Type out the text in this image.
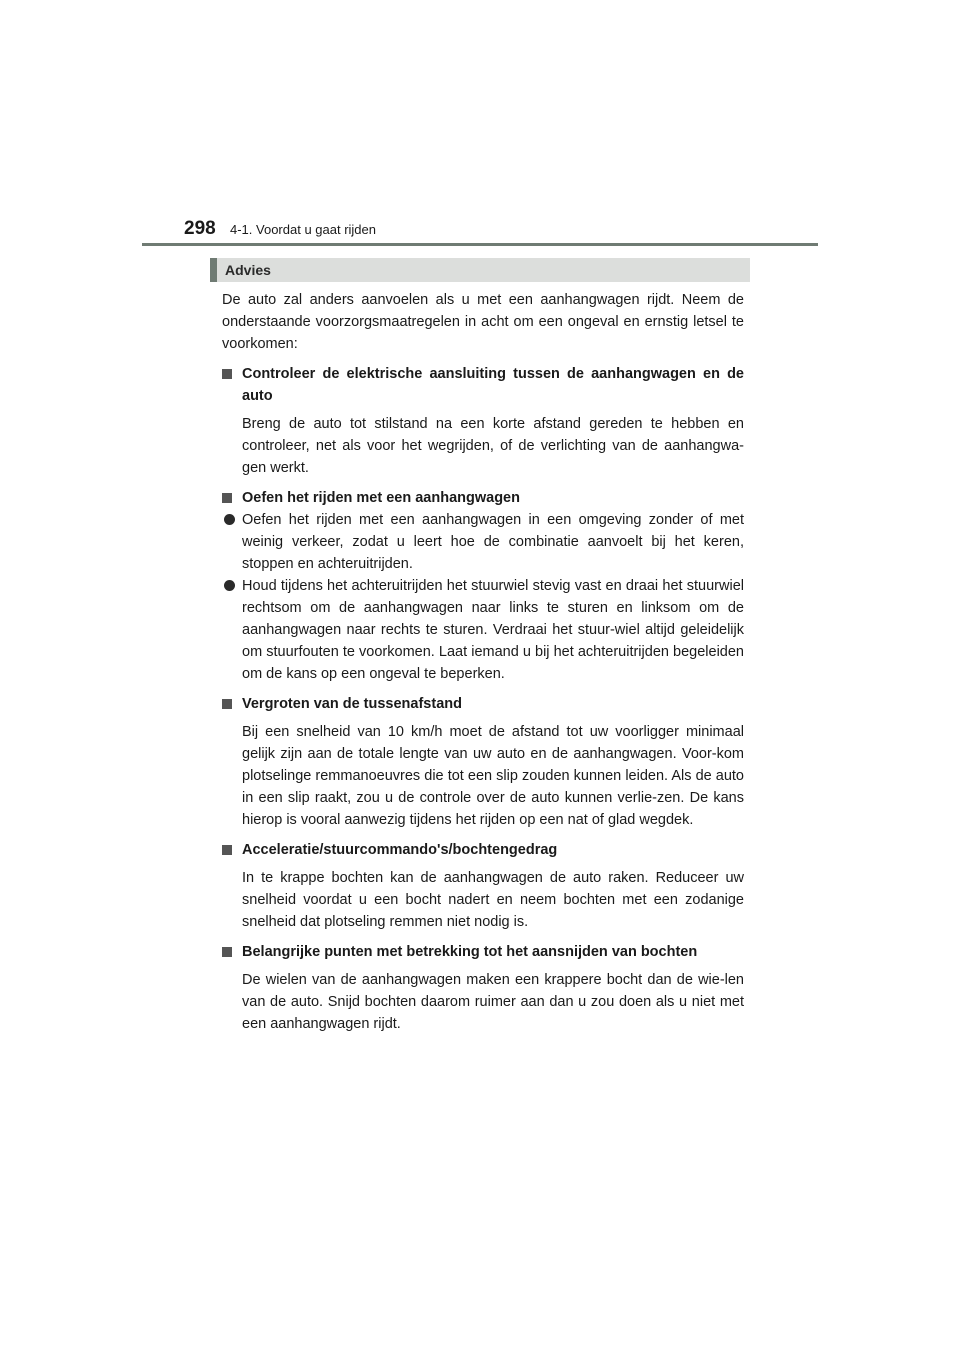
298 4-1. Voordat u gaat rijden
Advies

De auto zal anders aanvoelen als u met een aanhangwagen rijdt. Neem de onderstaande voorzorgsmaatregelen in acht om een ongeval en ernstig letsel te voorkomen:

Controleer de elektrische aansluiting tussen de aanhangwagen en de auto

Breng de auto tot stilstand na een korte afstand gereden te hebben en controleer, net als voor het wegrijden, of de verlichting van de aanhangwa-gen werkt.

Oefen het rijden met een aanhangwagen

Oefen het rijden met een aanhangwagen in een omgeving zonder of met weinig verkeer, zodat u leert hoe de combinatie aanvoelt bij het keren, stoppen en achteruitrijden.

Houd tijdens het achteruitrijden het stuurwiel stevig vast en draai het stuurwiel rechtsom om de aanhangwagen naar links te sturen en linksom om de aanhangwagen naar rechts te sturen. Verdraai het stuur-wiel altijd geleidelijk om stuurfouten te voorkomen. Laat iemand u bij het achteruitrijden begeleiden om de kans op een ongeval te beperken.

Vergroten van de tussenafstand

Bij een snelheid van 10 km/h moet de afstand tot uw voorligger minimaal gelijk zijn aan de totale lengte van uw auto en de aanhangwagen. Voor-kom plotselinge remmanoeuvres die tot een slip zouden kunnen leiden. Als de auto in een slip raakt, zou u de controle over de auto kunnen verlie-zen. De kans hierop is vooral aanwezig tijdens het rijden op een nat of glad wegdek.

Acceleratie/stuurcommando's/bochtengedrag

In te krappe bochten kan de aanhangwagen de auto raken. Reduceer uw snelheid voordat u een bocht nadert en neem bochten met een zodanige snelheid dat plotseling remmen niet nodig is.

Belangrijke punten met betrekking tot het aansnijden van bochten

De wielen van de aanhangwagen maken een krappere bocht dan de wie-len van de auto. Snijd bochten daarom ruimer aan dan u zou doen als u niet met een aanhangwagen rijdt.
